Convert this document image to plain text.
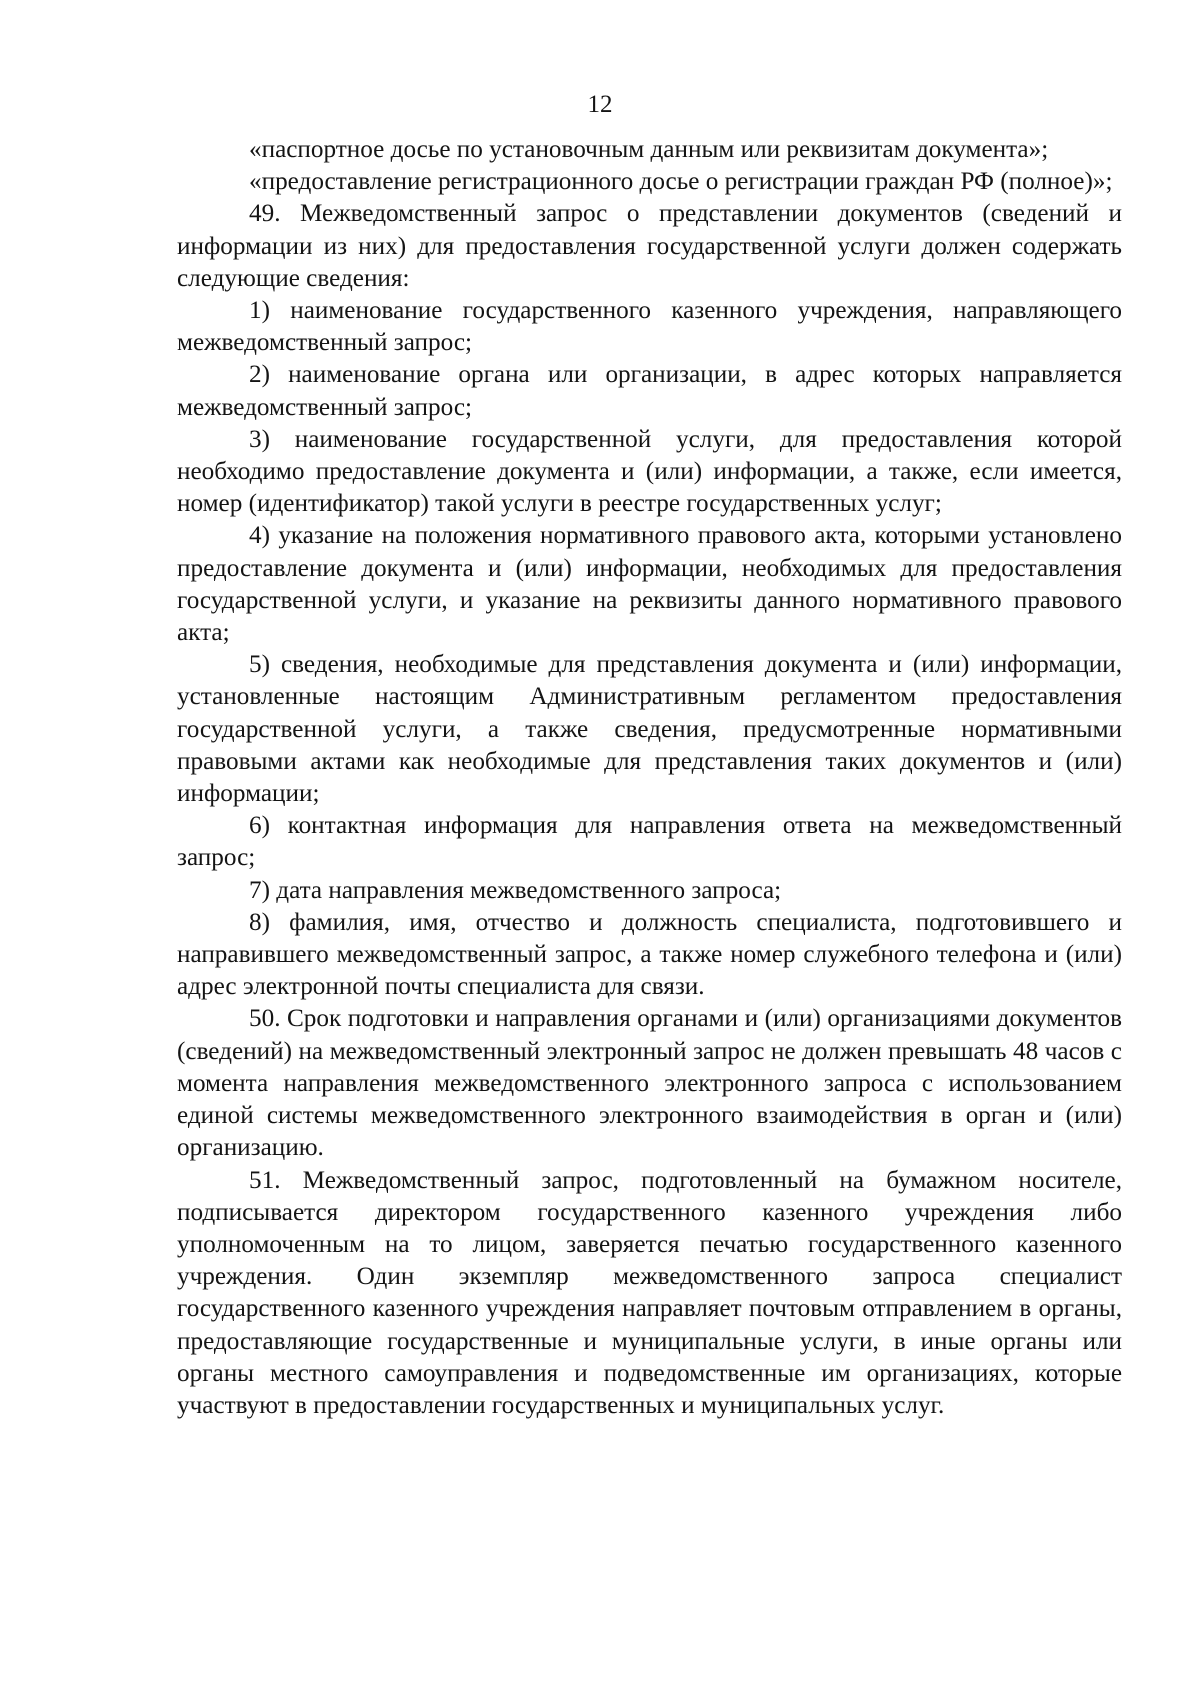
12

«паспортное досье по установочным данным или реквизитам документа»;

«предоставление регистрационного досье о регистрации граждан РФ (полное)»;

49. Межведомственный запрос о представлении документов (сведений и информации из них) для предоставления государственной услуги должен содержать следующие сведения:

1) наименование государственного казенного учреждения, направляющего межведомственный запрос;

2) наименование органа или организации, в адрес которых направляется межведомственный запрос;

3) наименование государственной услуги, для предоставления которой необходимо предоставление документа и (или) информации, а также, если имеется, номер (идентификатор) такой услуги в реестре государственных услуг;

4) указание на положения нормативного правового акта, которыми установлено предоставление документа и (или) информации, необходимых для предоставления государственной услуги, и указание на реквизиты данного нормативного правового акта;

5) сведения, необходимые для представления документа и (или) информации, установленные настоящим Административным регламентом предоставления государственной услуги, а также сведения, предусмотренные нормативными правовыми актами как необходимые для представления таких документов и (или) информации;

6) контактная информация для направления ответа на межведомственный запрос;

7) дата направления межведомственного запроса;

8) фамилия, имя, отчество и должность специалиста, подготовившего и направившего межведомственный запрос, а также номер служебного телефона и (или) адрес электронной почты специалиста для связи.

50. Срок подготовки и направления органами и (или) организациями документов (сведений) на межведомственный электронный запрос не должен превышать 48 часов с момента направления межведомственного электронного запроса с использованием единой системы межведомственного электронного взаимодействия в орган и (или) организацию.

51. Межведомственный запрос, подготовленный на бумажном носителе, подписывается директором государственного казенного учреждения либо уполномоченным на то лицом, заверяется печатью государственного казенного учреждения. Один экземпляр межведомственного запроса специалист государственного казенного учреждения направляет почтовым отправлением в органы, предоставляющие государственные и муниципальные услуги, в иные органы или органы местного самоуправления и подведомственные им организациях, которые участвуют в предоставлении государственных и муниципальных услуг.
